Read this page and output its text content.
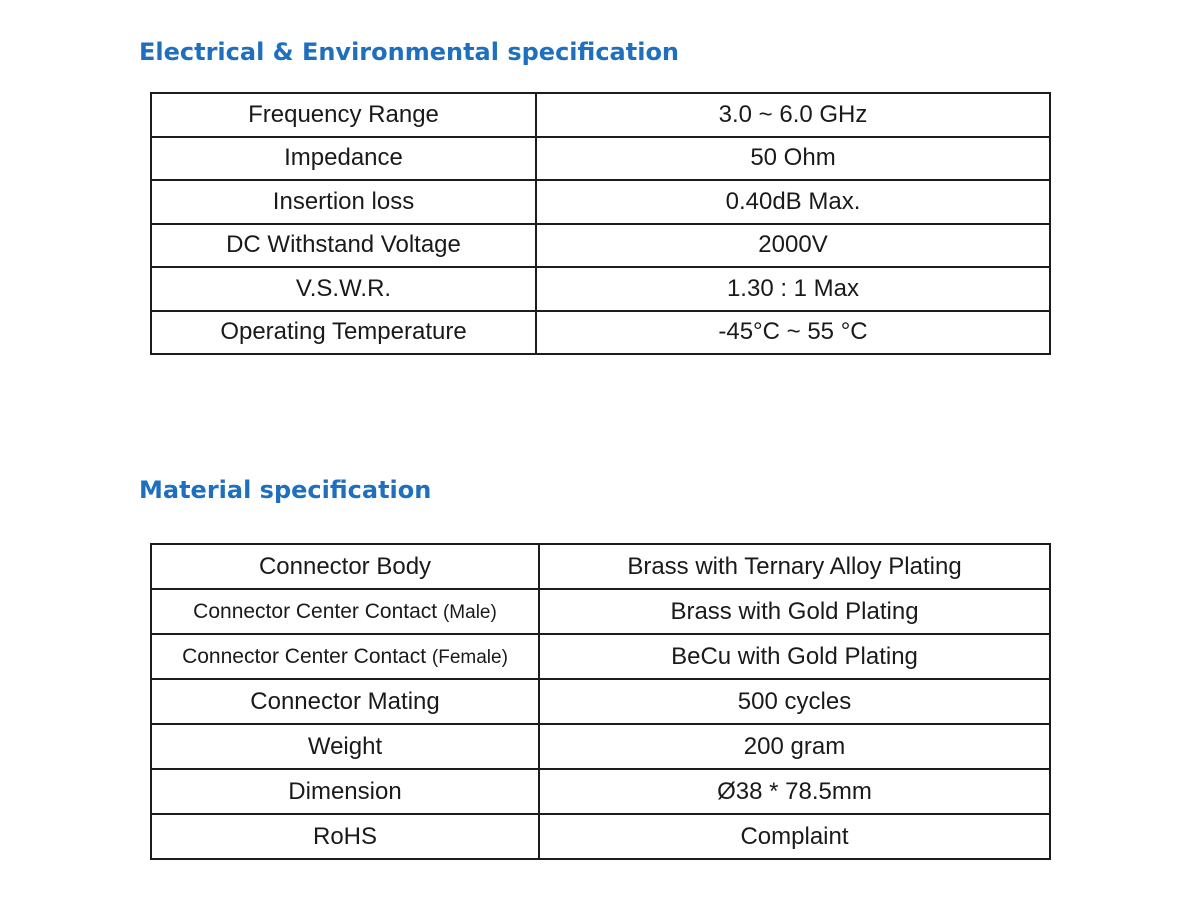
Electrical & Environmental specification
Frequency Range	3.0 ~ 6.0 GHz
Impedance	50 Ohm
Insertion loss	0.40dB Max.
DC Withstand Voltage	2000V
V.S.W.R.	1.30 : 1 Max
Operating Temperature	-45°C ~ 55 °C
Material specification
Connector Body	Brass with Ternary Alloy Plating
Connector Center Contact (Male)	Brass with Gold Plating
Connector Center Contact (Female)	BeCu with Gold Plating
Connector Mating	500 cycles
Weight	200 gram
Dimension	Ø38 * 78.5mm
RoHS	Complaint
